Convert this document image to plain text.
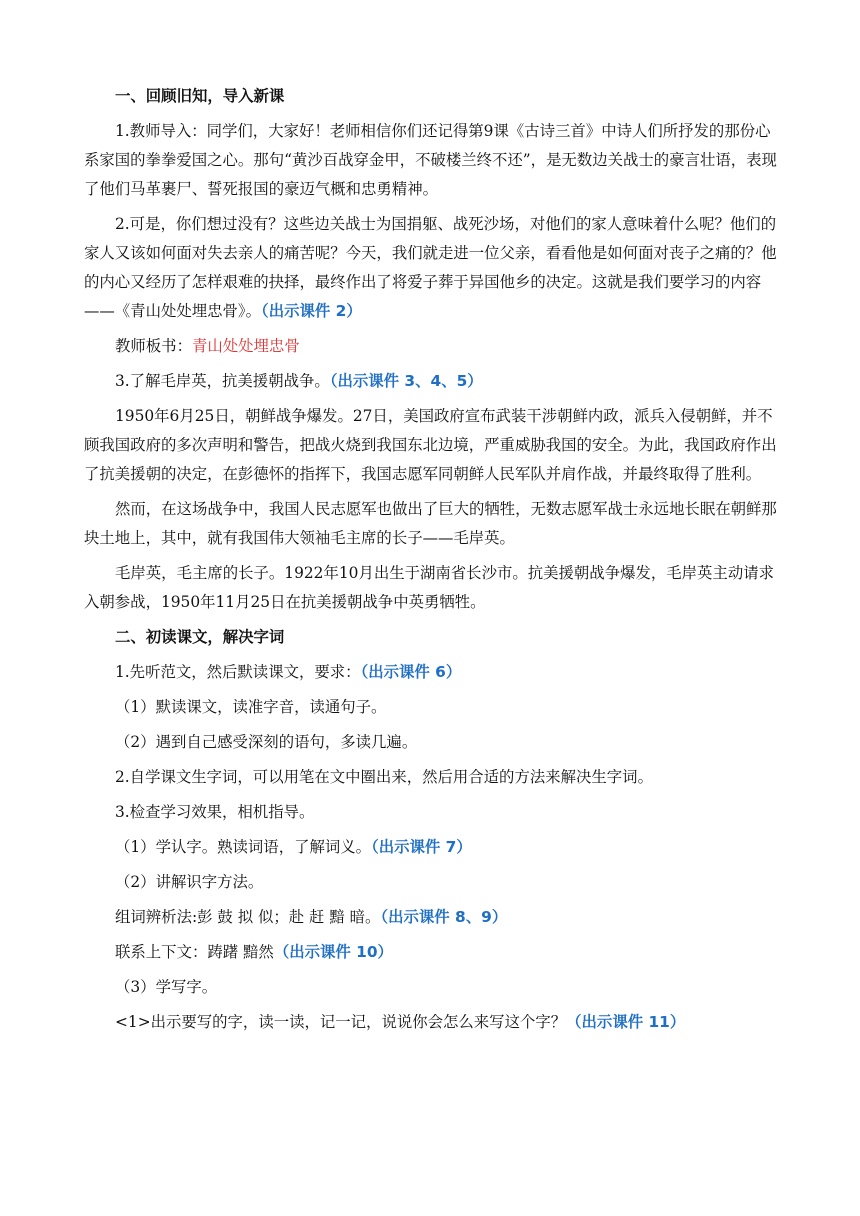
一、回顾旧知，导入新课

1.教师导入：同学们，大家好！老师相信你们还记得第9课《古诗三首》中诗人们所抒发的那份心系家国的拳拳爱国之心。那句“黄沙百战穿金甲，不破楼兰终不还”，是无数边关战士的豪言壮语，表现了他们马革裹尸、誓死报国的豪迈气概和忠勇精神。

2.可是，你们想过没有？这些边关战士为国捐躯、战死沙场，对他们的家人意味着什么呢？他们的家人又该如何面对失去亲人的痛苦呢？今天，我们就走进一位父亲，看看他是如何面对丧子之痛的？他的内心又经历了怎样艰难的抉择，最终作出了将爱子葬于异国他乡的决定。这就是我们要学习的内容——《青山处处埋忠骨》。（出示课件 2）

教师板书：青山处处埋忠骨

3.了解毛岸英，抗美援朝战争。（出示课件 3、4、5）

1950年6月25日，朝鲜战争爆发。27日，美国政府宣布武装干涉朝鲜内政，派兵入侵朝鲜，并不顾我国政府的多次声明和警告，把战火烧到我国东北边境，严重威胁我国的安全。为此，我国政府作出了抗美援朝的决定，在彭德怀的指挥下，我国志愿军同朝鲜人民军队并肩作战，并最终取得了胜利。

然而，在这场战争中，我国人民志愿军也做出了巨大的牺牲，无数志愿军战士永远地长眠在朝鲜那块土地上，其中，就有我国伟大领袖毛主席的长子——毛岸英。

毛岸英，毛主席的长子。1922年10月出生于湖南省长沙市。抗美援朝战争爆发，毛岸英主动请求入朝参战，1950年11月25日在抗美援朝战争中英勇牺牲。

二、初读课文，解决字词

1.先听范文，然后默读课文，要求：（出示课件 6）

（1）默读课文，读准字音，读通句子。

（2）遇到自己感受深刻的语句，多读几遍。

2.自学课文生字词，可以用笔在文中圈出来，然后用合适的方法来解决生字词。

3.检查学习效果，相机指导。

（1）学认字。熟读词语，了解词义。（出示课件 7）

（2）讲解识字方法。

组词辨析法:彭 鼓 拟 似；赴 赶 黯 暗。（出示课件 8、9）

联系上下文：踌躇 黯然（出示课件 10）

（3）学写字。

<1>出示要写的字，读一读，记一记，说说你会怎么来写这个字？（出示课件 11）
